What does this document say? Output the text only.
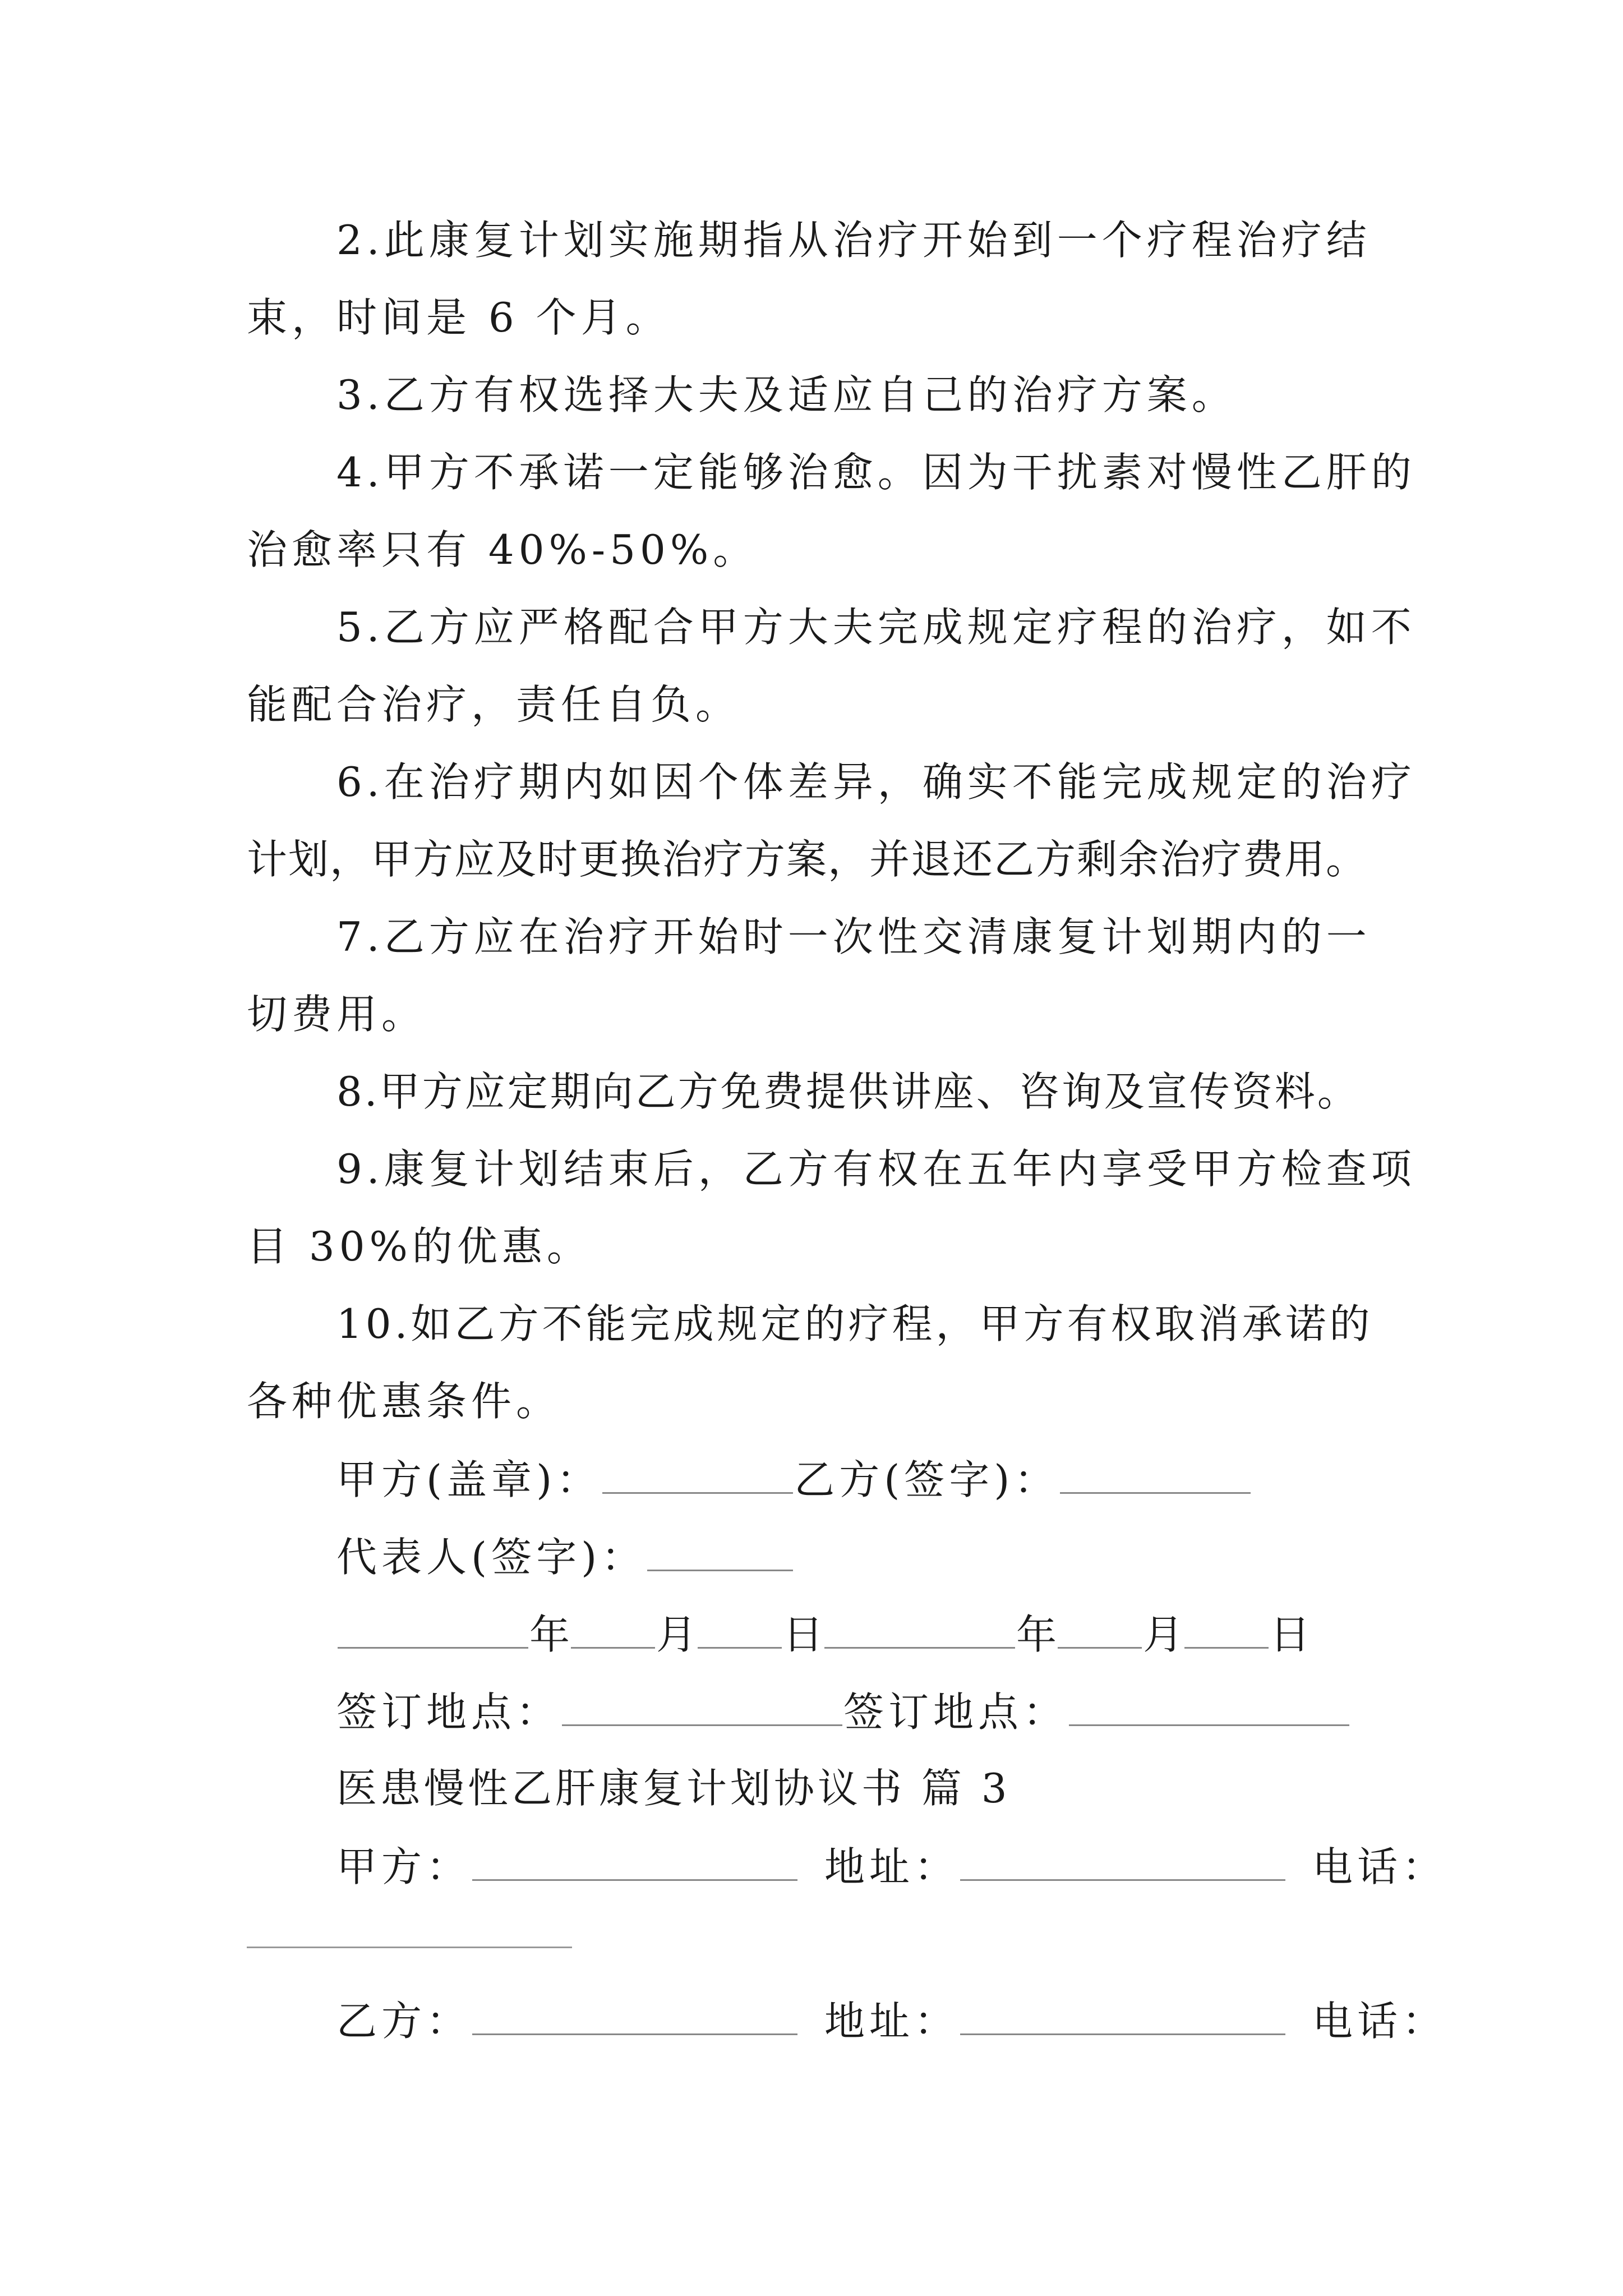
2.此康复计划实施期指从治疗开始到一个疗程治疗结
束，时间是 6 个月。
3.乙方有权选择大夫及适应自己的治疗方案。
4.甲方不承诺一定能够治愈。因为干扰素对慢性乙肝的
治愈率只有 40%-50%。
5.乙方应严格配合甲方大夫完成规定疗程的治疗，如不
能配合治疗，责任自负。
6.在治疗期内如因个体差异，确实不能完成规定的治疗
计划，甲方应及时更换治疗方案，并退还乙方剩余治疗费用。
7.乙方应在治疗开始时一次性交清康复计划期内的一
切费用。
8.甲方应定期向乙方免费提供讲座、咨询及宣传资料。
9.康复计划结束后，乙方有权在五年内享受甲方检查项
目 30%的优惠。
10.如乙方不能完成规定的疗程，甲方有权取消承诺的
各种优惠条件。
甲方(盖章)：	乙方(签字)：
代表人(签字)：
年 月 日	年 月 日
签订地点：	签订地点：
医患慢性乙肝康复计划协议书 篇 3
甲方：	地址：	电话：
乙方：	地址：	电话：
